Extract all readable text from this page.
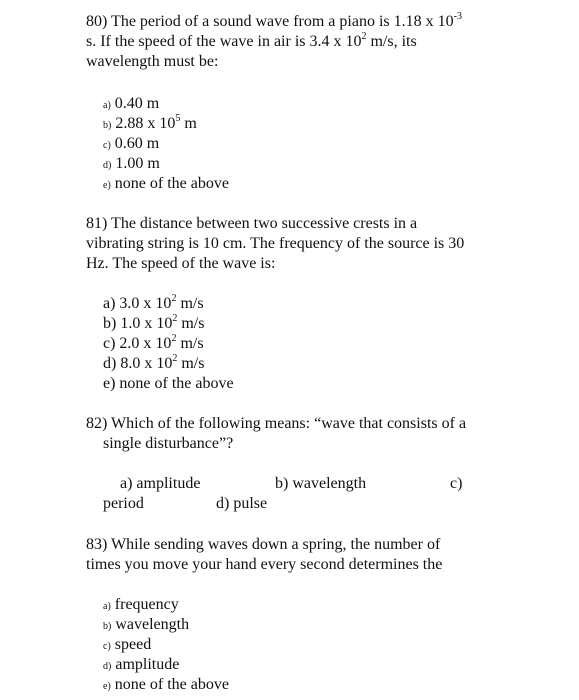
80) The period of a sound wave from a piano is 1.18 x $10^{-3}$
s. If the speed of the wave in air is 3.4 x $10^2$ m/s, its
wavelength must be:
a) 0.40 m
b) 2.88 x $10^5$ m
c) 0.60 m
d) 1.00 m
e) none of the above
81) The distance between two successive crests in a
vibrating string is 10 cm. The frequency of the source is 30
Hz. The speed of the wave is:
a) 3.0 x $10^2$ m/s
b) 1.0 x $10^2$ m/s
c) 2.0 x $10^2$ m/s
d) 8.0 x $10^2$ m/s
e) none of the above
82) Which of the following means: “wave that consists of a
single disturbance”?
a) amplitude	b) wavelength	c)
period	d) pulse
83) While sending waves down a spring, the number of
times you move your hand every second determines the
a) frequency
b) wavelength
c) speed
d) amplitude
e) none of the above
